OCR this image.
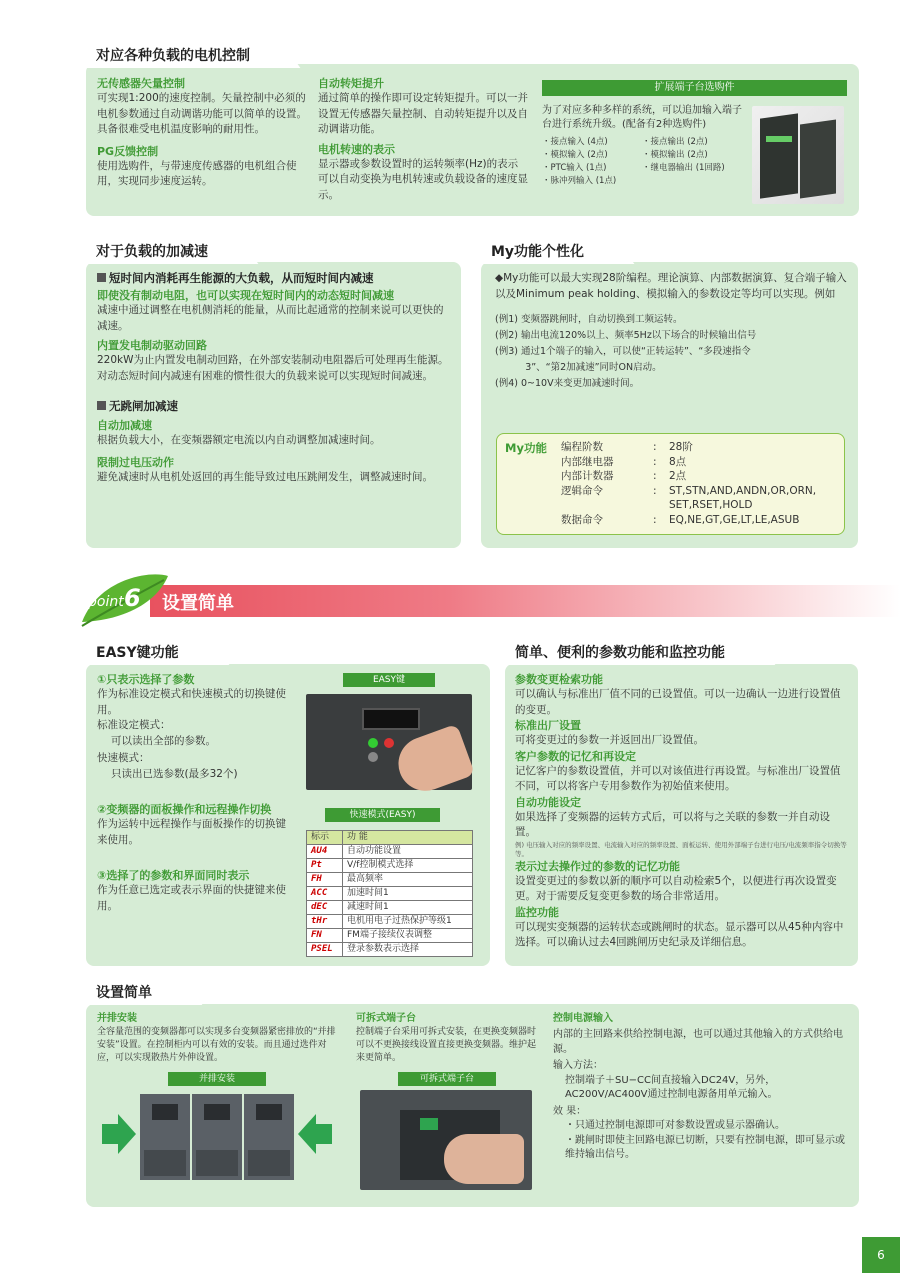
对应各种负载的电机控制
无传感器矢量控制
可实现1:200的速度控制。矢量控制中必须的电机参数通过自动调谐功能可以简单的设置。具备很难受电机温度影响的耐用性。
PG反馈控制
使用选购件，与带速度传感器的电机组合使用，实现同步速度运转。
自动转矩提升
通过简单的操作即可设定转矩提升。可以一并设置无传感器矢量控制、自动转矩提升以及自动调谐功能。
电机转速的表示
显示器或参数设置时的运转频率(Hz)的表示可以自动变换为电机转速或负载设备的速度显示。
扩展端子台选购件
为了对应多种多样的系统，可以追加输入端子台进行系统升级。(配备有2种选购件)
・接点输入 (4点)
・模拟输入 (2点)
・PTC输入 (1点)
・脉冲列输入 (1点)
・接点输出 (2点)
・模拟输出 (2点)
・继电器输出 (1回路)
对于负载的加减速
短时间内消耗再生能源的大负载，从而短时间内减速
即使没有制动电阻，也可以实现在短时间内的动态短时间减速
减速中通过调整在电机侧消耗的能量，从而比起通常的控制来说可以更快的减速。
内置发电制动驱动回路
220kW为止内置发电制动回路，在外部安装制动电阻器后可处理再生能源。对动态短时间内减速有困难的惯性很大的负载来说可以实现短时间减速。
无跳闸加减速
自动加减速
根据负载大小，在变频器额定电流以内自动调整加减速时间。
限制过电压动作
避免减速时从电机处返回的再生能导致过电压跳闸发生，调整减速时间。
My功能个性化
◆My功能可以最大实现28阶编程。理论演算、内部数据演算、复合端子输入以及Minimum peak holding、模拟输入的参数设定等均可以实现。例如
(例1) 变频器跳闸时，自动切换到工频运转。
(例2) 输出电流120%以上、频率5Hz以下场合的时候输出信号
(例3) 通过1个端子的输入，可以使“正转运转”、“多段速指令
3”、“第2加减速”同时ON启动。
(例4) 0~10V来变更加减速时间。
My功能 编程阶数	:	28阶
内部继电器	:	8点
内部计数器	:	2点
逻辑命令	:	ST,STN,AND,ANDN,OR,ORN,
SET,RSET,HOLD
数据命令	:	EQ,NE,GT,GE,LT,LE,ASUB
point 6 设置简单
EASY键功能
①只表示选择了参数
作为标准设定模式和快速模式的切换键使用。
标准设定模式：
可以读出全部的参数。
快速模式：
只读出已选参数(最多32个)
②变频器的面板操作和远程操作切换
作为运转中远程操作与面板操作的切换键来使用。
③选择了的参数和界面同时表示
作为任意已选定或表示界面的快捷键来使用。
EASY键
快速模式(EASY)
标示	功 能
AU4	自动功能设置
Pt	V/f控制模式选择
FH	最高频率
ACC	加速时间1
dEC	减速时间1
tHr	电机用电子过热保护等级1
FN	FM端子接续仪表调整
PSEL	登录参数表示选择
简单、便利的参数功能和监控功能
参数变更检索功能
可以确认与标准出厂值不同的已设置值。可以一边确认一边进行设置值的变更。
标准出厂设置
可将变更过的参数一并返回出厂设置值。
客户参数的记忆和再设定
记忆客户的参数设置值，并可以对该值进行再设置。与标准出厂设置值不同，可以将客户专用参数作为初始值来使用。
自动功能设定
如果选择了变频器的运转方式后，可以将与之关联的参数一并自动设置。
例) 电压输入对应的频率设置、电流输入对应的频率设置、面板运转、使用外部端子台进行电压/电流频率指令切换等等。
表示过去操作过的参数的记忆功能
设置变更过的参数以新的顺序可以自动检索5个，以便进行再次设置变更。对于需要反复变更参数的场合非常适用。
监控功能
可以现实变频器的运转状态或跳闸时的状态。显示器可以从45种内容中选择。可以确认过去4回跳闸历史纪录及详细信息。
设置简单
并排安装
全容量范围的变频器都可以实现多台变频器紧密排放的“并排安装”设置。在控制柜内可以有效的安装。而且通过选件对应，可以实现散热片外伸设置。
并排安装
可拆式端子台
控制端子台采用可拆式安装，在更换变频器时可以不更换接线设置直接更换变频器。维护起来更简单。
可拆式端子台
控制电源输入
内部的主回路来供给控制电源，也可以通过其他输入的方式供给电源。
输入方法：
控制端子＋SU−CC间直接输入DC24V，另外，AC200V/AC400V通过控制电源备用单元输入。
效 果：
・只通过控制电源即可对参数设置或显示器确认。
・跳闸时即使主回路电源已切断，只要有控制电源，即可显示或维持输出信号。
6
